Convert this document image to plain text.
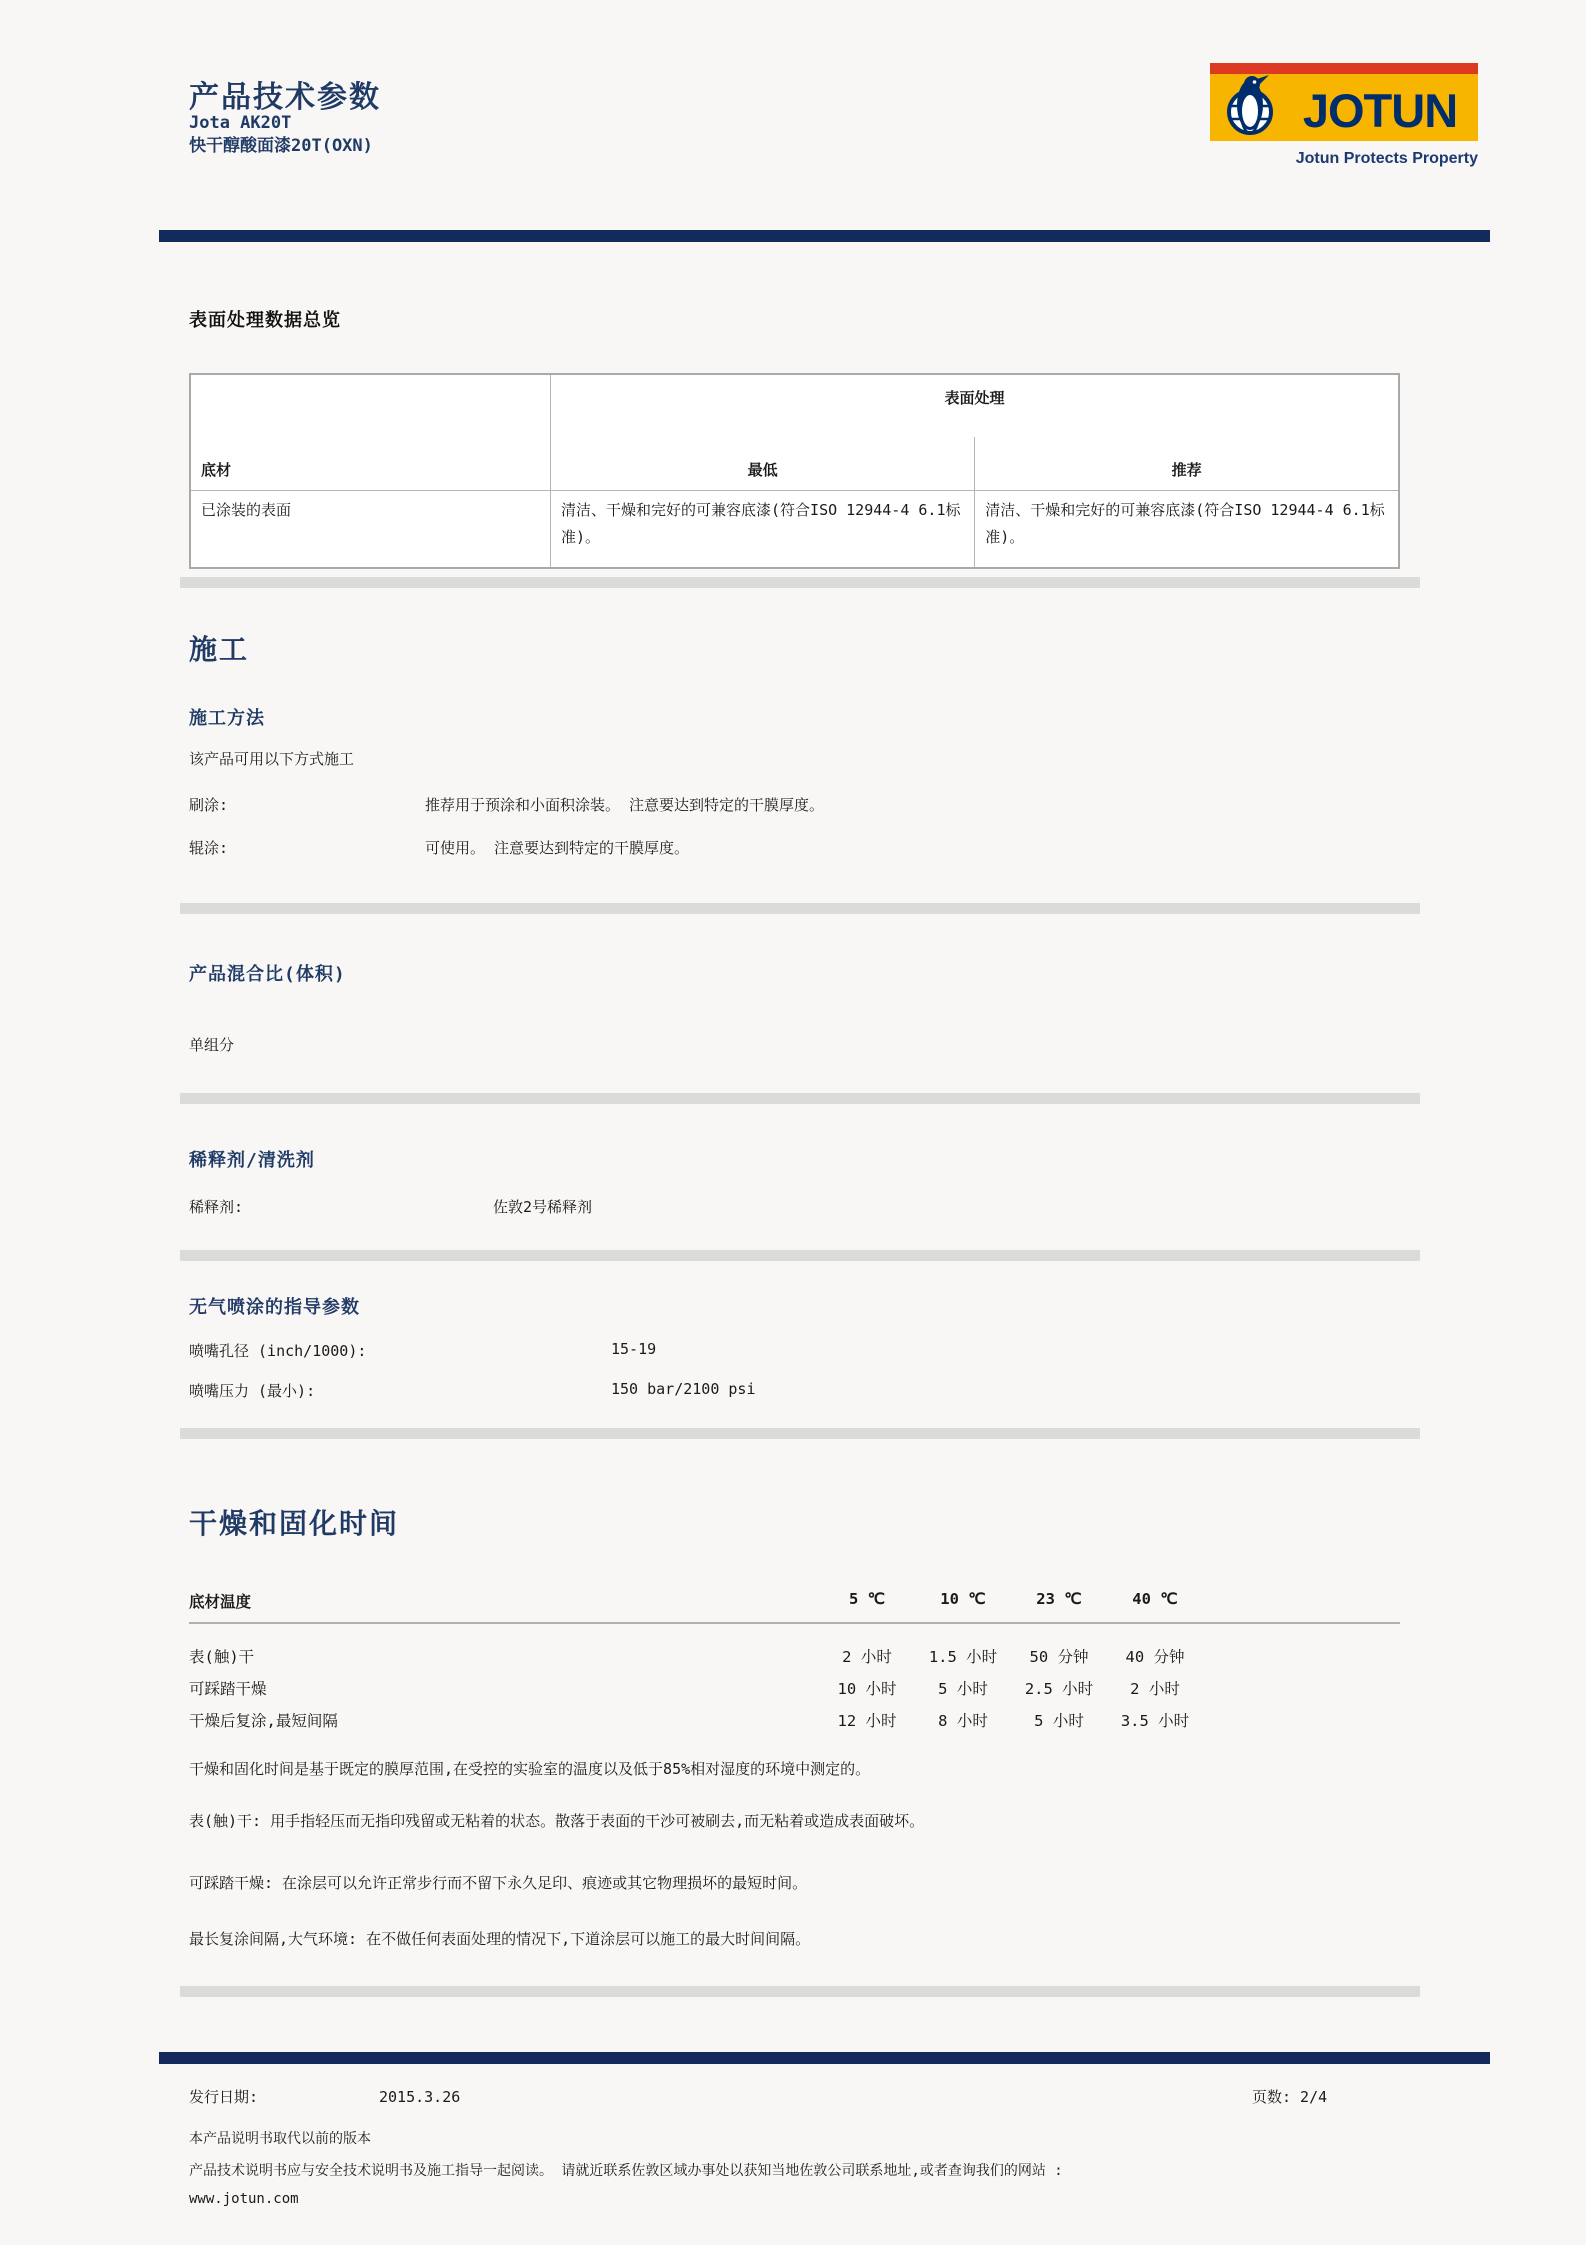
产品技术参数
Jota AK20T
快干醇酸面漆20T(OXN)
JOTUN
Jotun Protects Property
表面处理数据总览
底材	表面处理	
	最低	推荐
已涂装的表面	清洁、干燥和完好的可兼容底漆(符合ISO 12944-4 6.1标准)。	清洁、干燥和完好的可兼容底漆(符合ISO 12944-4 6.1标准)。
施工
施工方法
该产品可用以下方式施工
刷涂:	推荐用于预涂和小面积涂装。 注意要达到特定的干膜厚度。
辊涂:	可使用。 注意要达到特定的干膜厚度。
产品混合比(体积)
单组分
稀释剂/清洗剂
稀释剂:	佐敦2号稀释剂
无气喷涂的指导参数
喷嘴孔径 (inch/1000):	15-19
喷嘴压力 (最小):	150 bar/2100 psi
干燥和固化时间
底材温度	5 ℃	10 ℃	23 ℃	40 ℃
表(触)干	2 小时	1.5 小时	50 分钟	40 分钟
可踩踏干燥	10 小时	5 小时	2.5 小时	2 小时
干燥后复涂,最短间隔	12 小时	8 小时	5 小时	3.5 小时
干燥和固化时间是基于既定的膜厚范围,在受控的实验室的温度以及低于85%相对湿度的环境中测定的。
表(触)干: 用手指轻压而无指印残留或无粘着的状态。散落于表面的干沙可被刷去,而无粘着或造成表面破坏。
可踩踏干燥: 在涂层可以允许正常步行而不留下永久足印、痕迹或其它物理损坏的最短时间。
最长复涂间隔,大气环境: 在不做任何表面处理的情况下,下道涂层可以施工的最大时间间隔。
发行日期:	2015.3.26	页数: 2/4
本产品说明书取代以前的版本
产品技术说明书应与安全技术说明书及施工指导一起阅读。 请就近联系佐敦区域办事处以获知当地佐敦公司联系地址,或者查询我们的网站 :
www.jotun.com
